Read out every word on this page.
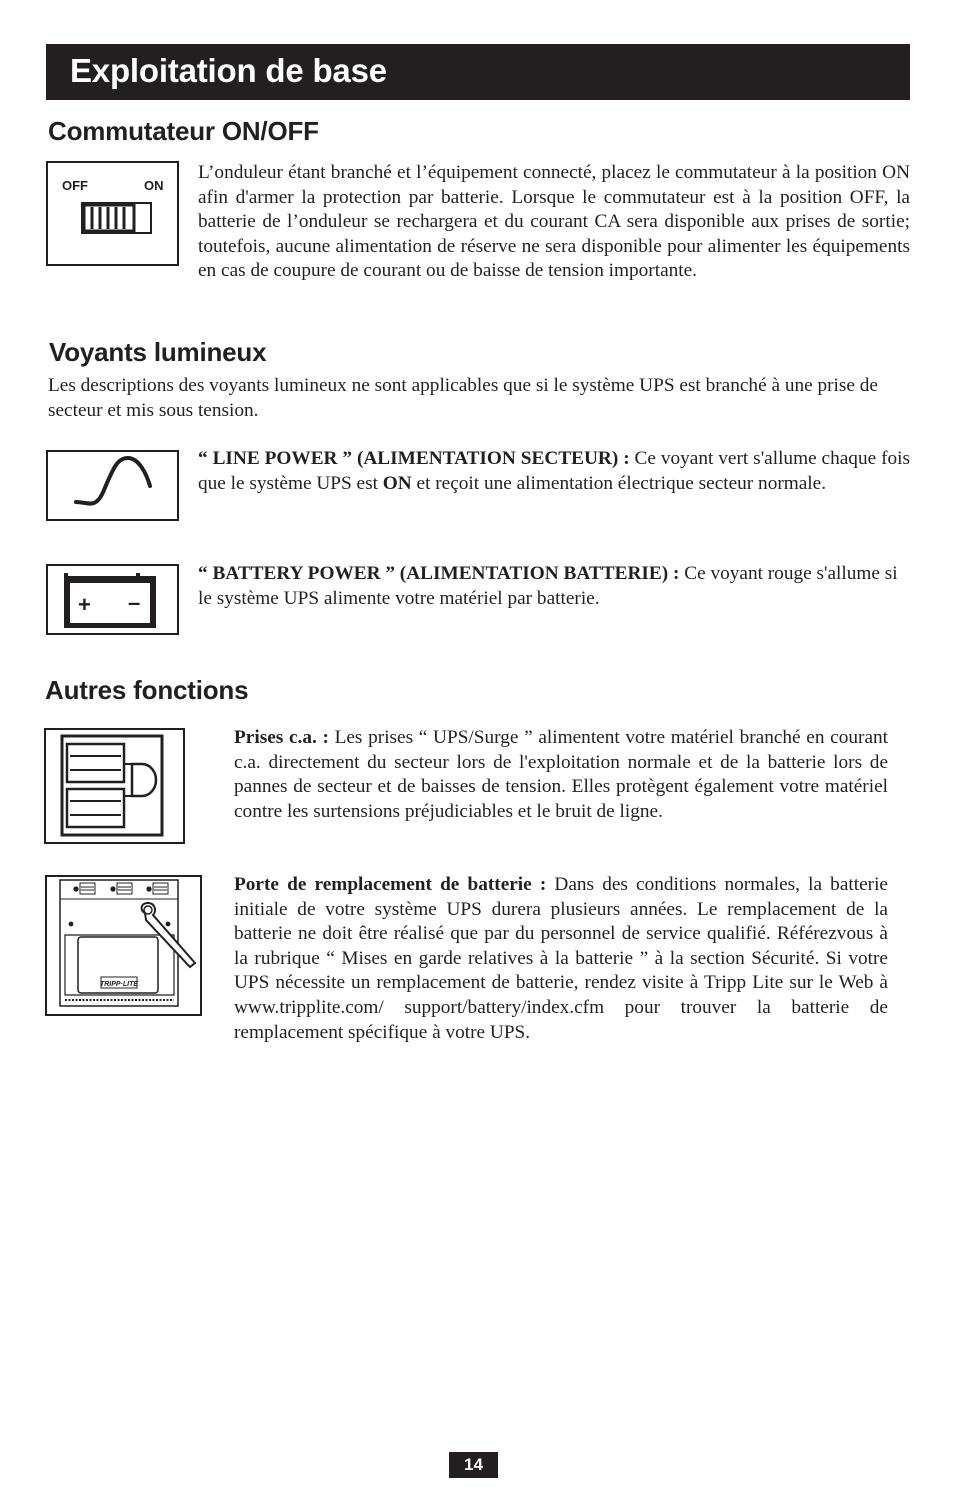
Exploitation de base
Commutateur ON/OFF
OFF	ON

L’onduleur étant branché et l’équipement connecté, placez le commutateur à la position ON afin d'armer la protection par batterie. Lorsque le commutateur est à la position OFF, la batterie de l’onduleur se rechargera et du courant CA sera disponible aux prises de sortie; toutefois, aucune alimentation de réserve ne sera disponible pour alimenter les équipements en cas de coupure de courant ou de baisse de tension importante.

Voyants lumineux

Les descriptions des voyants lumineux ne sont applicables que si le système UPS est branché à une prise de secteur et mis sous tension.

“ LINE POWER ” (ALIMENTATION SECTEUR) : Ce voyant vert s'allume chaque fois que le système UPS est ON et reçoit une alimentation électrique secteur normale.

+ –

“ BATTERY POWER ” (ALIMENTATION BATTERIE) : Ce voyant rouge s'allume si le système UPS alimente votre matériel par batterie.

Autres fonctions

Prises c.a. : Les prises “ UPS/Surge ” alimentent votre matériel branché en courant c.a. directement du secteur lors de l'exploitation normale et de la batterie lors de pannes de secteur et de baisses de tension. Elles protègent également votre matériel contre les surtensions préjudiciables et le bruit de ligne.

TRIPP·LITE

Porte de remplacement de batterie : Dans des conditions normales, la batterie initiale de votre système UPS durera plusieurs années. Le remplacement de la batterie ne doit être réalisé que par du personnel de service qualifié. Référezvous à la rubrique “ Mises en garde relatives à la batterie ” à la section Sécurité. Si votre UPS nécessite un remplacement de batterie, rendez visite à Tripp Lite sur le Web à www.tripplite.com/ support/battery/index.cfm pour trouver la batterie de remplacement spécifique à votre UPS.

14
